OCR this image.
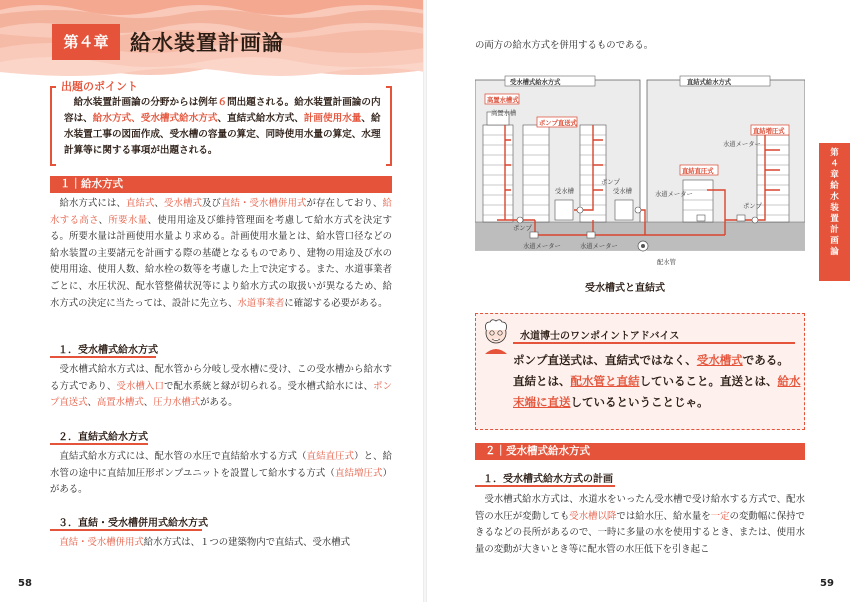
第４章	給水装置計画論
出題のポイント
　給水装置計画論の分野からは例年６問出題される。給水装置計画論の内容は、給水方式、受水槽式給水方式、直結式給水方式、計画使用水量、給水装置工事の図面作成、受水槽の容量の算定、同時使用水量の算定、水理計算等に関する事項が出題される。
１｜給水方式
　給水方式には、直結式、受水槽式及び直結・受水槽併用式が存在しており、給水する高さ、所要水量、使用用途及び維持管理面を考慮して給水方式を決定する。所要水量は計画使用水量より求める。計画使用水量とは、給水管口径などの給水装置の主要諸元を計画する際の基礎となるものであり、建物の用途及び水の使用用途、使用人数、給水栓の数等を考慮した上で決定する。また、水道事業者ごとに、水圧状況、配水管整備状況等により給水方式の取扱いが異なるため、給水方式の決定に当たっては、設計に先立ち、水道事業者に確認する必要がある。
１．受水槽式給水方式
　受水槽式給水方式は、配水管から分岐し受水槽に受け、この受水槽から給水する方式であり、受水槽入口で配水系統と縁が切られる。受水槽式給水には、ポンプ直送式、高置水槽式、圧力水槽式がある。
２．直結式給水方式
　直結式給水方式には、配水管の水圧で直結給水する方式（直結直圧式）と、給水管の途中に直結加圧形ポンプユニットを設置して給水する方式（直結増圧式）がある。
３．直結・受水槽併用式給水方式
　直結・受水槽併用式給水方式は、１つの建築物内で直結式、受水槽式
58
の両方の給水方式を併用するものである。
第４章 給水装置計画論
受水槽式給水方式	直結式給水方式
高置水槽
受水槽	受水槽
ポンプ
ポンプ
ポンプ
水道メーター	水道メーター
水道メーター
水道メーター
配水管
高置水槽式
ポンプ直送式
直結増圧式
直結直圧式
受水槽式と直結式
水道博士のワンポイントアドバイス
ポンプ直送式は、直結式ではなく、受水槽式である。
直結とは、配水管と直結していること。直送とは、給水
末端に直送しているということじゃ。
２｜受水槽式給水方式
１．受水槽式給水方式の計画
　受水槽式給水方式は、水道水をいったん受水槽で受け給水する方式で、配水管の水圧が変動しても受水槽以降では給水圧、給水量を一定の変動幅に保持できるなどの長所があるので、一時に多量の水を使用するとき、または、使用水量の変動が大きいとき等に配水管の水圧低下を引き起こ
59
